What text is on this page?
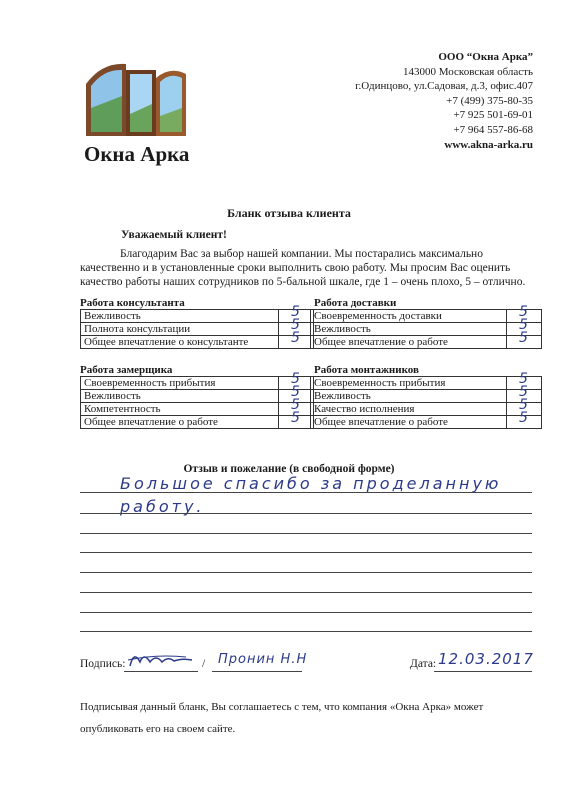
Окна Арка
ООО “Окна Арка”
143000 Московская область
г.Одинцово, ул.Садовая, д.3, офис.407
+7 (499) 375-80-35
+7 925 501-69-01
+7 964 557-86-68
www.akna-arka.ru
Бланк отзыва клиента
Уважаемый клиент!
Благодарим Вас за выбор нашей компании. Мы постарались максимально качественно и в установленные сроки выполнить свою работу. Мы просим Вас оценить качество работы наших сотрудников по 5-бальной шкале, где 1 – очень плохо, 5 – отлично.
Работа консультанта	Работа доставки
Вежливость	5

Полнота консультации	5

Общее впечатление о консультанте	5
Своевременность доставки	5

Вежливость	5

Общее впечатление о работе	5
Работа замерщика	Работа монтажников
Своевременность прибытия	5

Вежливость	5

Компетентность	5

Общее впечатление о работе	5
Своевременность прибытия	5

Вежливость	5

Качество исполнения	5

Общее впечатление о работе	5
Отзыв и пожелание (в свободной форме)
Большое спасибо за проделанную
работу.
Подпись:	/ Пронин Н.Н	Дата: 12.03.2017
Подписывая данный бланк, Вы соглашаетесь с тем, что компания «Окна Арка» может опубликовать его на своем сайте.
